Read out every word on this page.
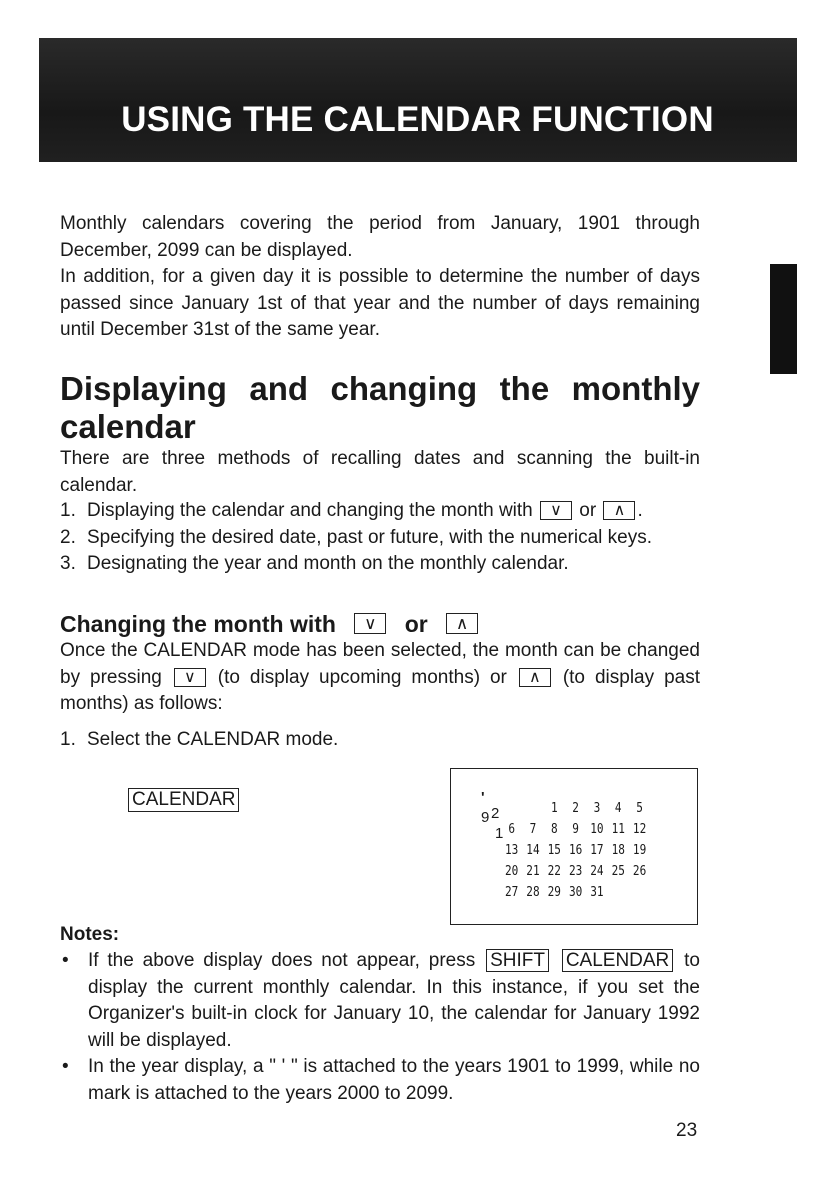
USING THE CALENDAR FUNCTION

Monthly calendars covering the period from January, 1901 through December, 2099 can be displayed.

In addition, for a given day it is possible to determine the number of days passed since January 1st of that year and the number of days remaining until December 31st of the same year.

Displaying and changing the monthly calendar

There are three methods of recalling dates and scanning the built-in calendar.

1. Displaying the calendar and changing the month with ∨ or ∧ .
2. Specifying the desired date, past or future, with the numerical keys.
3. Designating the year and month on the monthly calendar.
Changing the month with ∨ or ∧

Once the CALENDAR mode has been selected, the month can be changed by pressing ∨ (to display upcoming months) or ∧ (to display past months) as follows:

1. Select the CALENDAR mode.
CALENDAR	'
9 2
1
		1	2	3	4	5
6	7	8	9	10	11	12
13	14	15	16	17	18	19
20	21	22	23	24	25	26
27	28	29	30	31		

Notes:

• If the above display does not appear, press SHIFT CALENDAR to display the current monthly calendar. In this instance, if you set the Organizer's built-in clock for January 10, the calendar for January 1992 will be displayed.
• In the year display, a " ' " is attached to the years 1901 to 1999, while no mark is attached to the years 2000 to 2099.
23
